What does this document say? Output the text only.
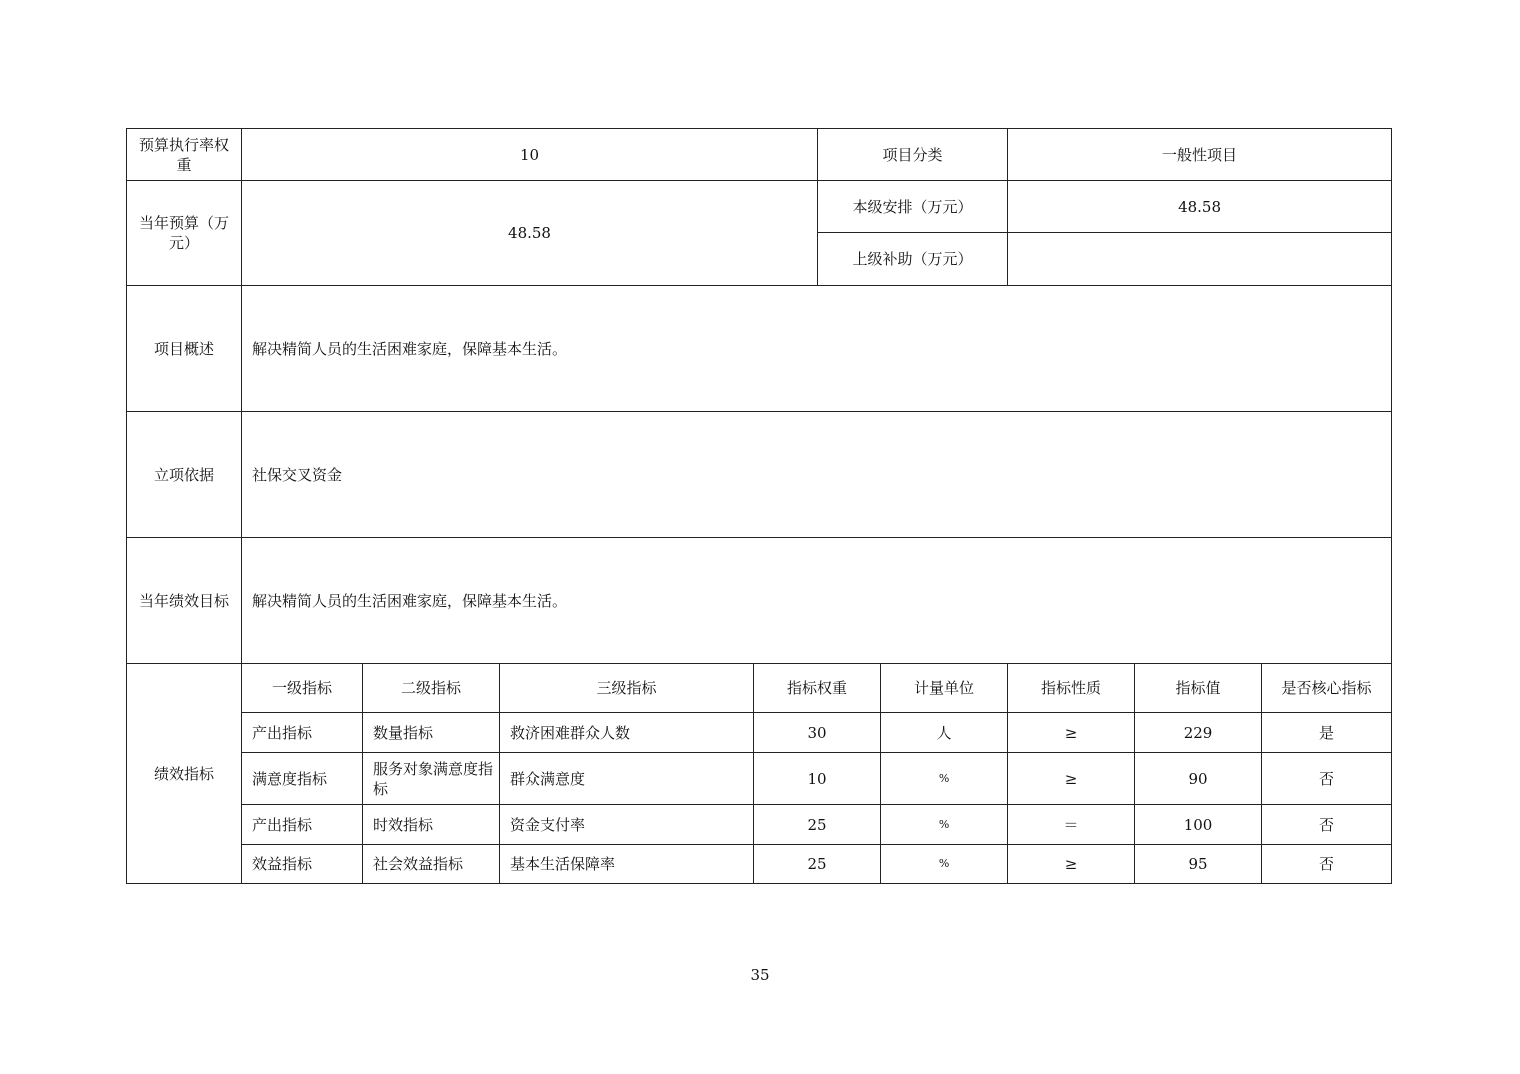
预算执行率权重	10				项目分类		一般性项目		
当年预算（万元）	48.58				本级安排（万元）		48.58		
					上级补助（万元）				
项目概述	解决精简人员的生活困难家庭，保障基本生活。								
立项依据	社保交叉资金								
当年绩效目标	解决精简人员的生活困难家庭，保障基本生活。								
绩效指标	一级指标	二级指标	三级指标	指标权重		计量单位	指标性质	指标值	是否核心指标
	产出指标	数量指标	救济困难群众人数	30		人	≥	229	是
	满意度指标	服务对象满意度指标	群众满意度	10		%	≥	90	否
	产出指标	时效指标	资金支付率	25		%	＝	100	否
	效益指标	社会效益指标	基本生活保障率	25		%	≥	95	否
35
